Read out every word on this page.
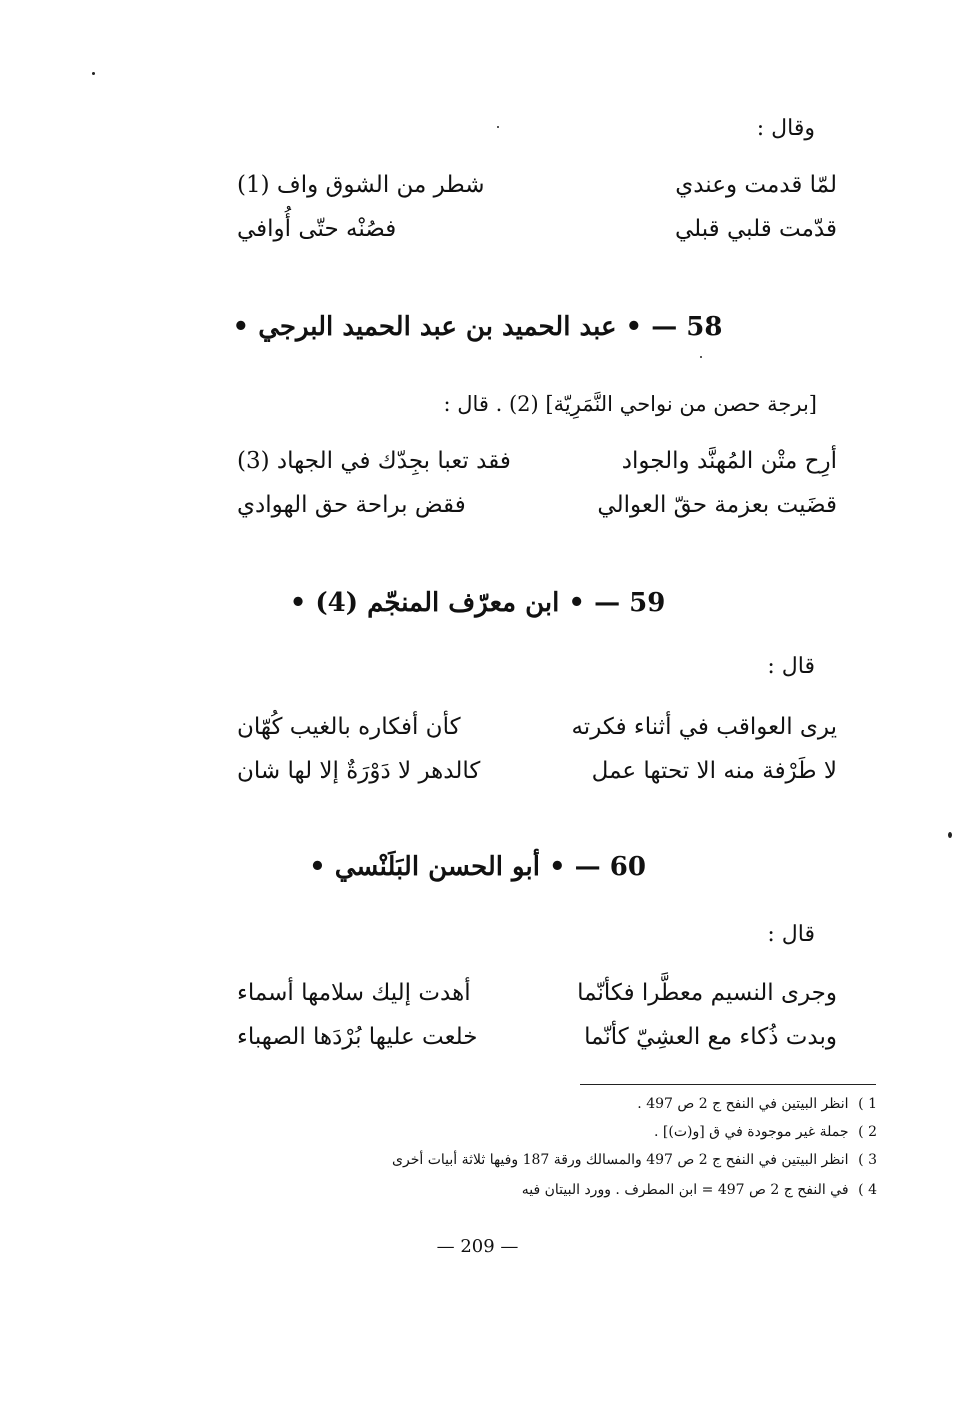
وقال :
لمّا قدمت وعندي
شطر من الشوق واف (1)
قدّمت قلبي قبلي
فصُنْه حتّى أُوافي
58 — • عبد الحميد بن عبد الحميد البرجي •
[برجة حصن من نواحي النَّمَرِيّة] (2) . قال :
أرِح متْن المُهنَّد والجواد
فقد تعبا بجِدّك في الجهاد (3)
قضَيت بعزمة حقّ العوالي
فقض براحة حق الهوادي
59 — • ابن معرّف المنجّم (4) •
قال :
يرى العواقب في أثناء فكرته
كأن أفكاره بالغيب كُهّان
لا طَرْفة منه الا تحتها عمل
كالدهر لا دَوْرَةٌ إلا لها شان
60 — • أبو الحسن البَلَنْسي •
قال :
وجرى النسيم معطَّرا فكأنّما
أهدت إليك سلامها أسماء
وبدت ذُكاء مع العشِيّ كأنّما
خلعت عليها بُرْدَها الصهباء
1 ) انظر البيتين في النفح ج 2 ص 497 .
2 ) جملة غير موجودة في ق [و(ت)] .
3 ) انظر البيتين في النفح ج 2 ص 497 والمسالك ورقة 187 وفيها ثلاثة أبيات أخرى
4 ) في النفح ج 2 ص 497 = ابن المطرف . وورد البيتان فيه
— 209 —
